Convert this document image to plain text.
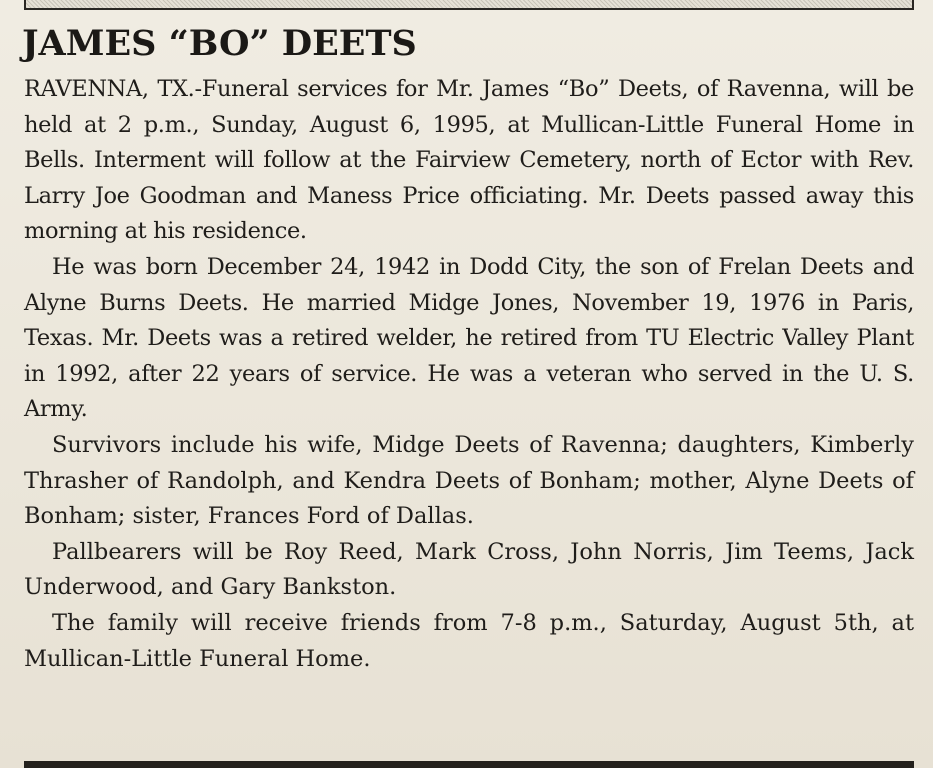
JAMES “BO” DEETS

RAVENNA, TX.-Funeral services for Mr. James “Bo” Deets, of Ravenna, will be held at 2 p.m., Sunday, August 6, 1995, at Mullican-Little Funeral Home in Bells. Interment will follow at the Fairview Cemetery, north of Ector with Rev. Larry Joe Goodman and Maness Price officiating. Mr. Deets passed away this morning at his residence.

He was born December 24, 1942 in Dodd City, the son of Frelan Deets and Alyne Burns Deets. He married Midge Jones, November 19, 1976 in Paris, Texas. Mr. Deets was a retired welder, he retired from TU Electric Valley Plant in 1992, after 22 years of service. He was a veteran who served in the U. S. Army.

Survivors include his wife, Midge Deets of Ravenna; daughters, Kimberly Thrasher of Randolph, and Kendra Deets of Bonham; mother, Alyne Deets of Bonham; sister, Frances Ford of Dallas.

Pallbearers will be Roy Reed, Mark Cross, John Norris, Jim Teems, Jack Underwood, and Gary Bankston.

The family will receive friends from 7-8 p.m., Saturday, August 5th, at Mullican-Little Funeral Home.
